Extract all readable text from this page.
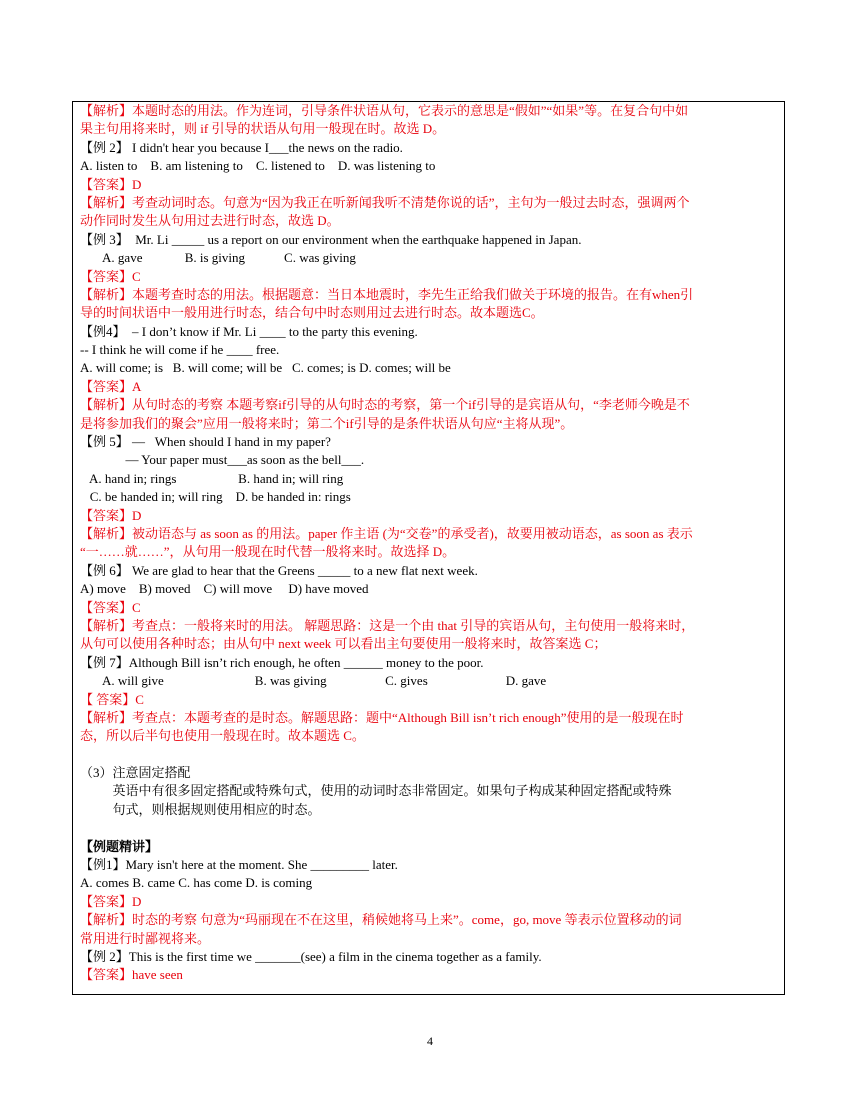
【解析】本题时态的用法。作为连词，引导条件状语从句，它表示的意思是“假如”“如果”等。在复合句中如
果主句用将来时，则 if 引导的状语从句用一般现在时。故选 D。
【例 2】 I didn't hear you because I___the news on the radio.
A. listen to    B. am listening to    C. listened to    D. was listening to
【答案】D
【解析】考查动词时态。句意为“因为我正在听新闻我听不清楚你说的话”，主句为一般过去时态，强调两个
动作同时发生从句用过去进行时态，故选 D。
【例 3】  Mr. Li _____ us a report on our environment when the earthquake happened in Japan.
A. gave             B. is giving            C. was giving
【答案】C
【解析】本题考查时态的用法。根据题意：当日本地震时，李先生正给我们做关于环境的报告。在有when引
导的时间状语中一般用进行时态，结合句中时态则用过去进行时态。故本题选C。
【例4】  – I don’t know if Mr. Li ____ to the party this evening.
-- I think he will come if he ____ free.
A. will come; is   B. will come; will be   C. comes; is D. comes; will be
【答案】A
【解析】从句时态的考察 本题考察if引导的从句时态的考察，第一个if引导的是宾语从句，“李老师今晚是不
是将参加我们的聚会”应用一般将来时；第二个if引导的是条件状语从句应“主将从现”。
【例 5】 —   When should I hand in my paper?
— Your paper must___as soon as the bell___.
A. hand in; rings                   B. hand in; will ring
C. be handed in; will ring    D. be handed in: rings
【答案】D
【解析】被动语态与 as soon as 的用法。paper 作主语 (为“交卷”的承受者)，故要用被动语态，as soon as 表示
“一……就……”，从句用一般现在时代替一般将来时。故选择 D。
【例 6】 We are glad to hear that the Greens _____ to a new flat next week.
A) move    B) moved    C) will move     D) have moved
【答案】C
【解析】考查点：一般将来时的用法。 解题思路：这是一个由 that 引导的宾语从句，主句使用一般将来时，
从句可以使用各种时态；由从句中 next week 可以看出主句要使用一般将来时，故答案选 C；
【例 7】Although Bill isn’t rich enough, he often ______ money to the poor.
A. will give                            B. was giving                  C. gives                        D. gave
【 答案】C
【解析】考查点：本题考查的是时态。解题思路：题中“Although Bill isn’t rich enough”使用的是一般现在时
态，所以后半句也使用一般现在时。故本题选 C。
（3）注意固定搭配
英语中有很多固定搭配或特殊句式，使用的动词时态非常固定。如果句子构成某种固定搭配或特殊
句式，则根据规则使用相应的时态。
【例题精讲】
【例1】Mary isn't here at the moment. She _________ later.
A. comes B. came C. has come D. is coming
【答案】D
【解析】时态的考察 句意为“玛丽现在不在这里，稍候她将马上来”。come，go, move 等表示位置移动的词
常用进行时鄙视将来。
【例 2】This is the first time we _______(see) a film in the cinema together as a family.
【答案】have seen
4
